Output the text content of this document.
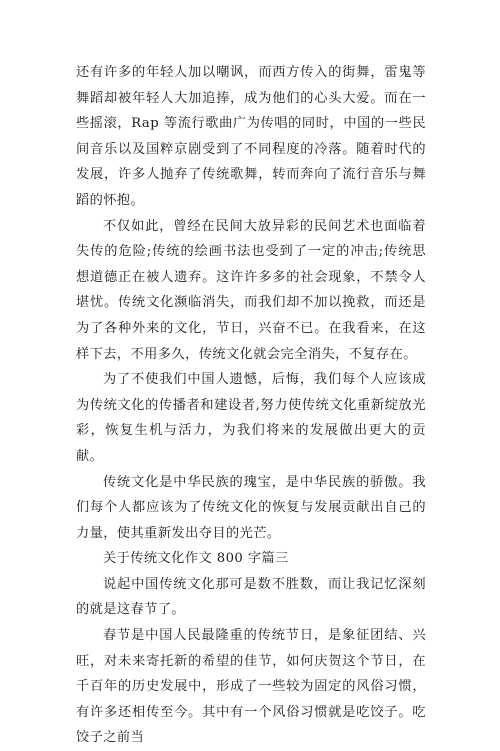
还有许多的年轻人加以嘲讽，而西方传入的街舞，雷鬼等舞蹈却被年轻人大加追捧，成为他们的心头大爱。而在一些摇滚，Rap 等流行歌曲广为传唱的同时，中国的一些民间音乐以及国粹京剧受到了不同程度的冷落。随着时代的发展，许多人抛弃了传统歌舞，转而奔向了流行音乐与舞蹈的怀抱。

不仅如此，曾经在民间大放异彩的民间艺术也面临着失传的危险;传统的绘画书法也受到了一定的冲击;传统思想道德正在被人遗弃。这许许多多的社会现象，不禁令人堪忧。传统文化濒临消失，而我们却不加以挽救，而还是为了各种外来的文化，节日，兴奋不已。在我看来，在这样下去，不用多久，传统文化就会完全消失，不复存在。

为了不使我们中国人遗憾，后悔，我们每个人应该成为传统文化的传播者和建设者,努力使传统文化重新绽放光彩，恢复生机与活力，为我们将来的发展做出更大的贡献。

传统文化是中华民族的瑰宝，是中华民族的骄傲。我们每个人都应该为了传统文化的恢复与发展贡献出自己的力量，使其重新发出夺目的光芒。

关于传统文化作文 800 字篇三

说起中国传统文化那可是数不胜数，而让我记忆深刻的就是这春节了。

春节是中国人民最隆重的传统节日，是象征团结、兴旺，对未来寄托新的希望的佳节，如何庆贺这个节日，在千百年的历史发展中，形成了一些较为固定的风俗习惯，有许多还相传至今。其中有一个风俗习惯就是吃饺子。吃饺子之前当
